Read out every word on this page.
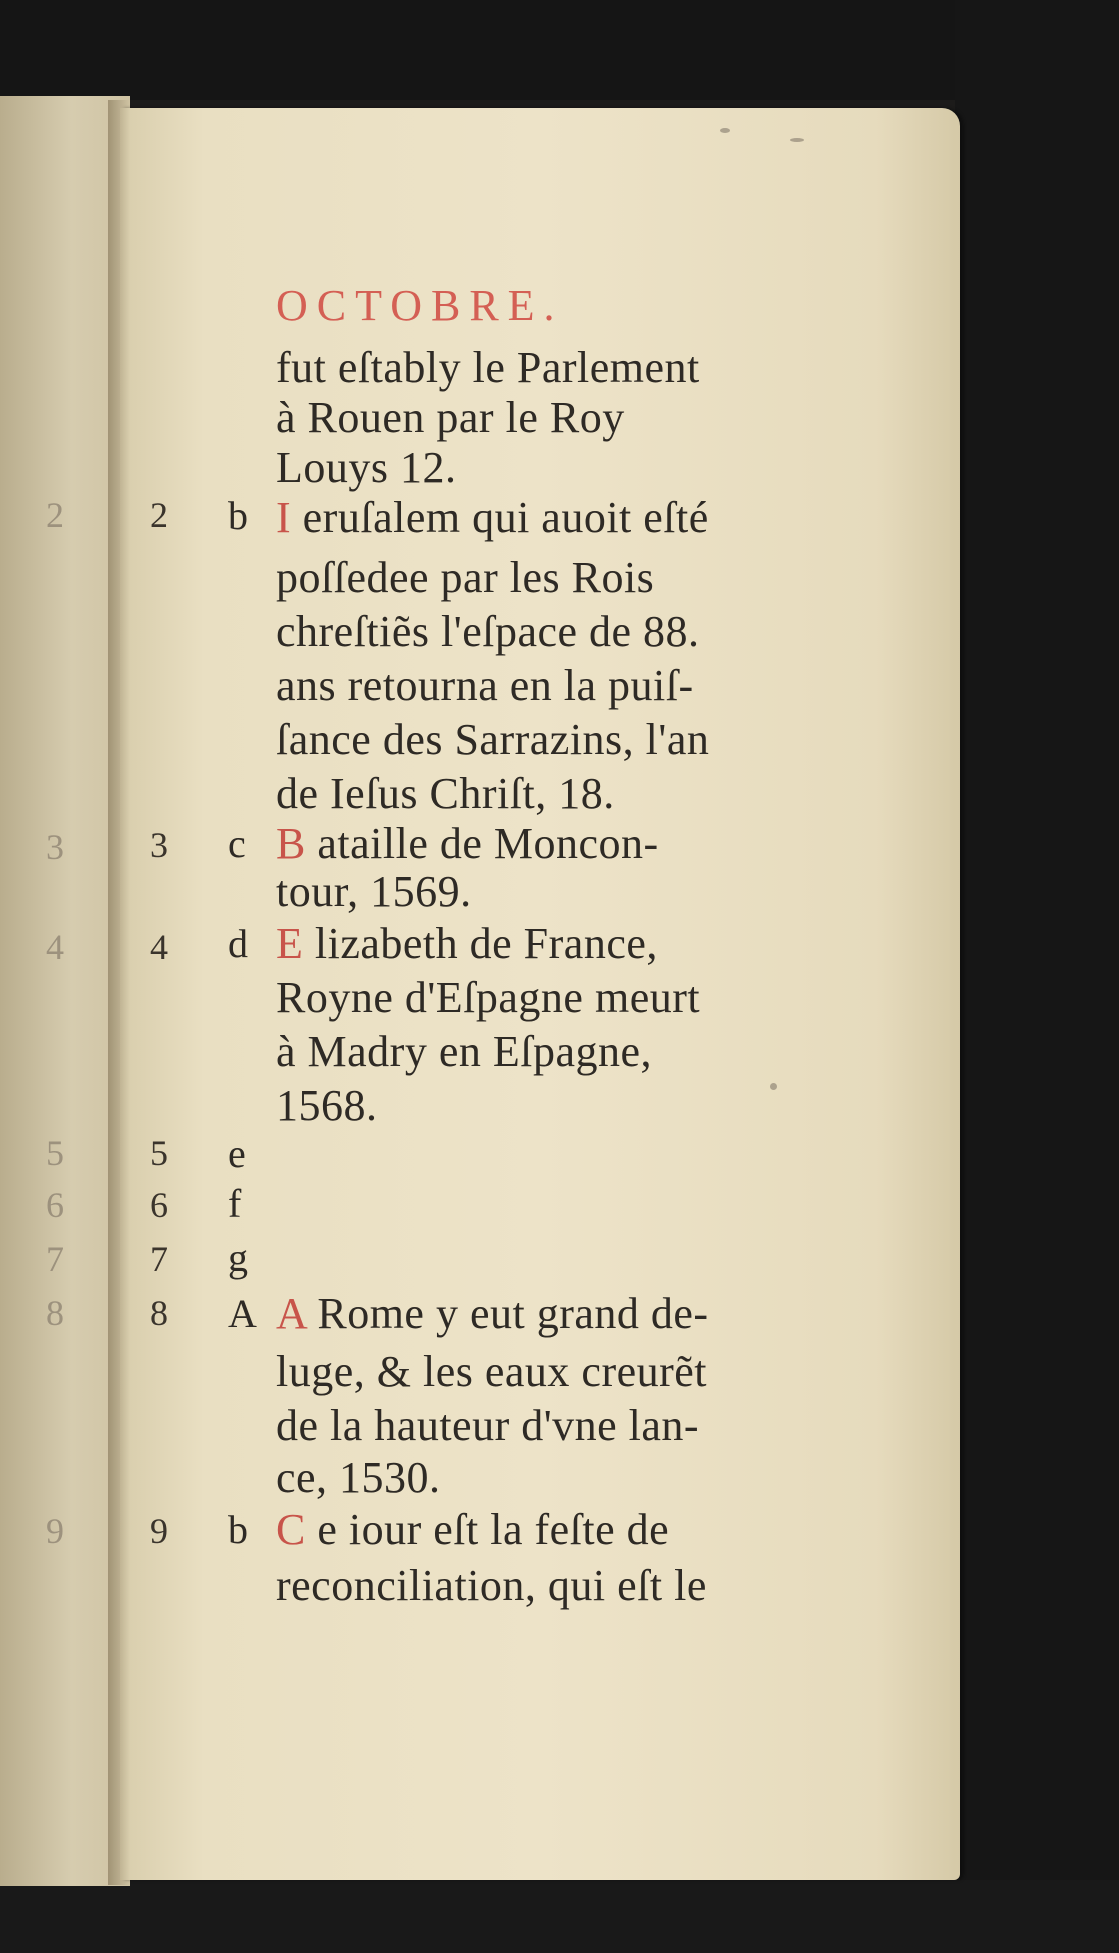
OCTOBRE.
fut eſtably le Parlement
à Rouen par le Roy
Louys 12.
2 b I eruſalem qui auoit eſté
poſſedee par les Rois
chreſtiẽs l'eſpace de 88.
ans retourna en la puiſ-
ſance des Sarrazins, l'an
de Ieſus Chriſt, 18.
3 c B ataille de Moncon-
tour, 1569.
4 d E lizabeth de France,
Royne d'Eſpagne meurt
à Madry en Eſpagne,
1568.
5 e
6 f
7 g
8 A A Rome y eut grand de-
luge, & les eaux creurẽt
de la hauteur d'vne lan-
ce, 1530.
9 b C e iour eſt la feſte de
reconciliation, qui eſt le
2
3
4
5
6
7
8
9
